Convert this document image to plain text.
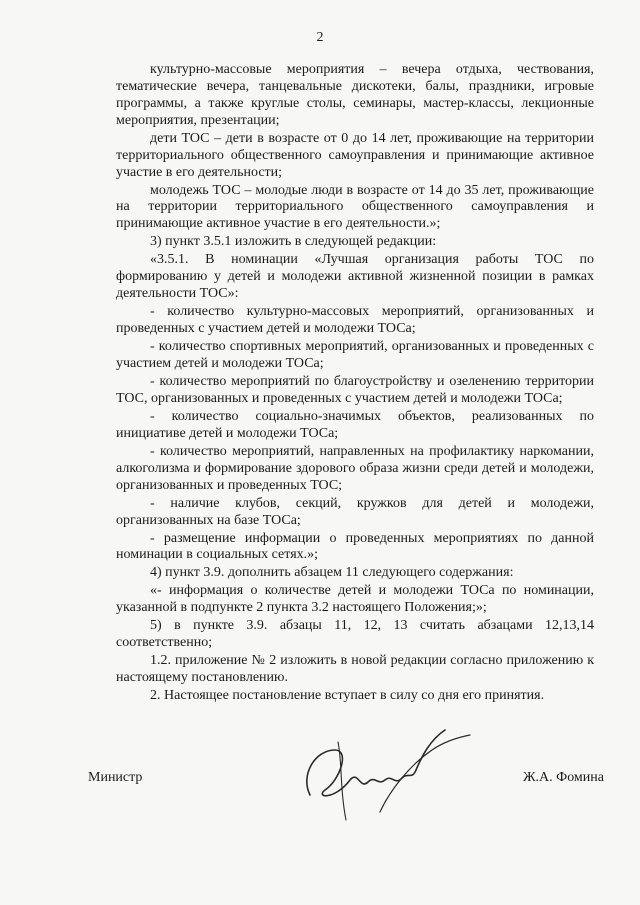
2

культурно-массовые мероприятия – вечера отдыха, чествования, тематические вечера, танцевальные дискотеки, балы, праздники, игровые программы, а также круглые столы, семинары, мастер-классы, лекционные мероприятия, презентации;

дети ТОС – дети в возрасте от 0 до 14 лет, проживающие на территории территориального общественного самоуправления и принимающие активное участие в его деятельности;

молодежь ТОС – молодые люди в возрасте от 14 до 35 лет, проживающие на территории территориального общественного самоуправления и принимающие активное участие в его деятельности.»;

3) пункт 3.5.1 изложить в следующей редакции:

«3.5.1. В номинации «Лучшая организация работы ТОС по формированию у детей и молодежи активной жизненной позиции в рамках деятельности ТОС»:

- количество культурно-массовых мероприятий, организованных и проведенных с участием детей и молодежи ТОСа;

- количество спортивных мероприятий, организованных и проведенных с участием детей и молодежи ТОСа;

- количество мероприятий по благоустройству и озеленению территории ТОС, организованных и проведенных с участием детей и молодежи ТОСа;

- количество социально-значимых объектов, реализованных по инициативе детей и молодежи ТОСа;

- количество мероприятий, направленных на профилактику наркомании, алкоголизма и формирование здорового образа жизни среди детей и молодежи, организованных и проведенных ТОС;

- наличие клубов, секций, кружков для детей и молодежи, организованных на базе ТОСа;

- размещение информации о проведенных мероприятиях по данной номинации в социальных сетях.»;

4) пункт 3.9. дополнить абзацем 11 следующего содержания:

«- информация о количестве детей и молодежи ТОСа по номинации, указанной в подпункте 2 пункта 3.2 настоящего Положения;»;

5) в пункте 3.9. абзацы 11, 12, 13 считать абзацами 12,13,14 соответственно;

1.2. приложение № 2 изложить в новой редакции согласно приложению к настоящему постановлению.

2. Настоящее постановление вступает в силу со дня его принятия.

Министр	Ж.А. Фомина
